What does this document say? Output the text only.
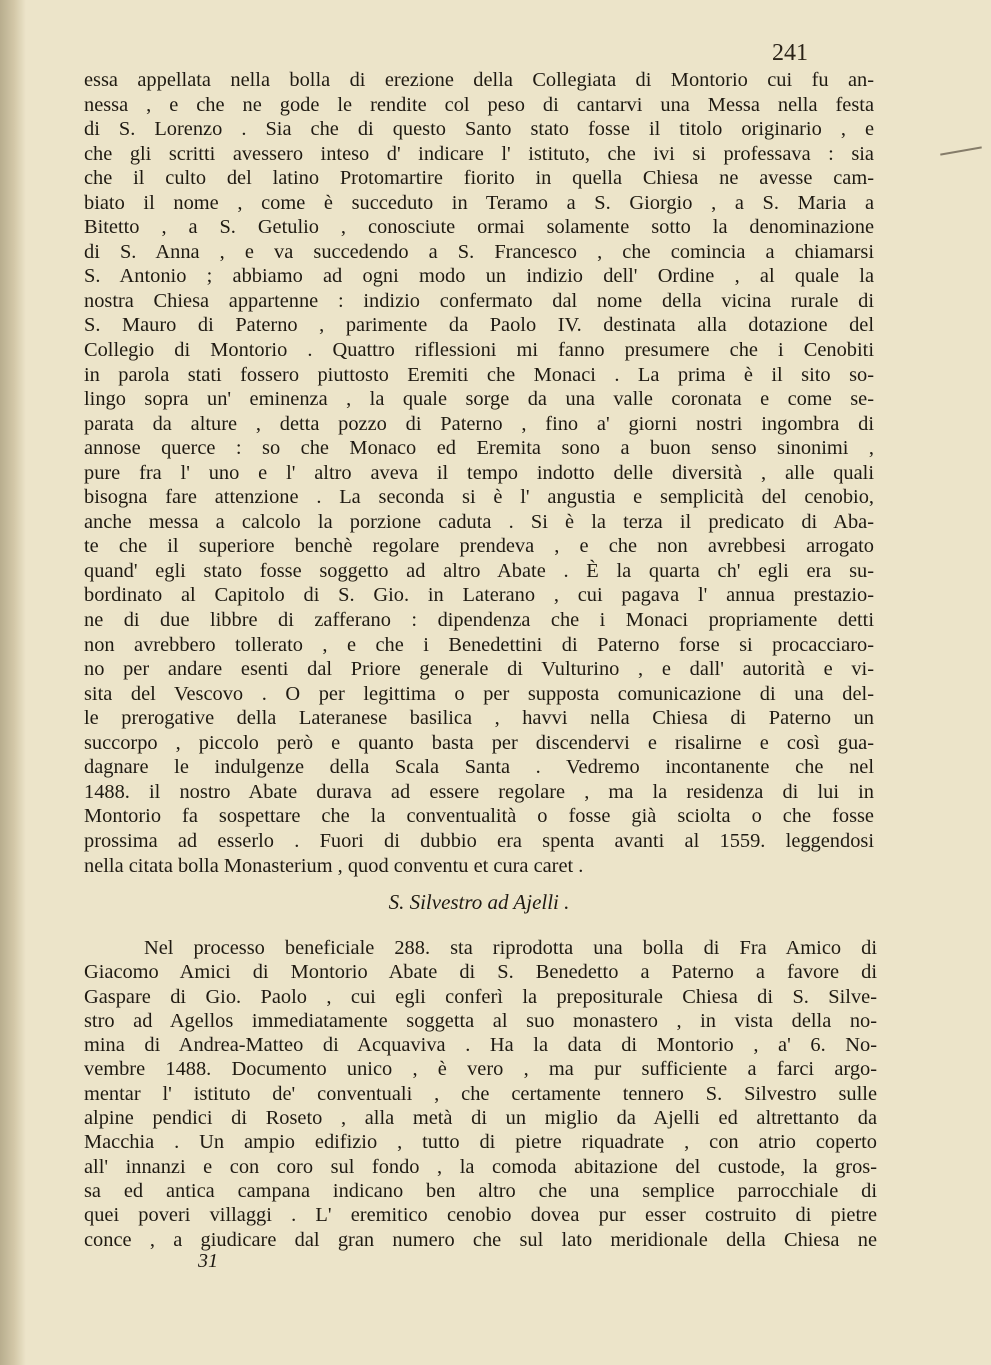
241
essa appellata nella bolla di erezione della Collegiata di Montorio cui fu an-
nessa , e che ne gode le rendite col peso di cantarvi una Messa nella festa
di S. Lorenzo . Sia che di questo Santo stato fosse il titolo originario , e
che gli scritti avessero inteso d' indicare l' istituto, che ivi si professava : sia
che il culto del latino Protomartire fiorito in quella Chiesa ne avesse cam-
biato il nome , come è succeduto in Teramo a S. Giorgio , a S. Maria a
Bitetto , a S. Getulio , conosciute ormai solamente sotto la denominazione
di S. Anna , e va succedendo a S. Francesco , che comincia a chiamarsi
S. Antonio ; abbiamo ad ogni modo un indizio dell' Ordine , al quale la
nostra Chiesa appartenne : indizio confermato dal nome della vicina rurale di
S. Mauro di Paterno , parimente da Paolo IV. destinata alla dotazione del
Collegio di Montorio . Quattro riflessioni mi fanno presumere che i Cenobiti
in parola stati fossero piuttosto Eremiti che Monaci . La prima è il sito so-
lingo sopra un' eminenza , la quale sorge da una valle coronata e come se-
parata da alture , detta pozzo di Paterno , fino a' giorni nostri ingombra di
annose querce : so che Monaco ed Eremita sono a buon senso sinonimi ,
pure fra l' uno e l' altro aveva il tempo indotto delle diversità , alle quali
bisogna fare attenzione . La seconda si è l' angustia e semplicità del cenobio,
anche messa a calcolo la porzione caduta . Si è la terza il predicato di Aba-
te che il superiore benchè regolare prendeva , e che non avrebbesi arrogato
quand' egli stato fosse soggetto ad altro Abate . È la quarta ch' egli era su-
bordinato al Capitolo di S. Gio. in Laterano , cui pagava l' annua prestazio-
ne di due libbre di zafferano : dipendenza che i Monaci propriamente detti
non avrebbero tollerato , e che i Benedettini di Paterno forse si procacciaro-
no per andare esenti dal Priore generale di Vulturino , e dall' autorità e vi-
sita del Vescovo . O per legittima o per supposta comunicazione di una del-
le prerogative della Lateranese basilica , havvi nella Chiesa di Paterno un
succorpo , piccolo però e quanto basta per discendervi e risalirne e così gua-
dagnare le indulgenze della Scala Santa . Vedremo incontanente che nel
1488. il nostro Abate durava ad essere regolare , ma la residenza di lui in
Montorio fa sospettare che la conventualità o fosse già sciolta o che fosse
prossima ad esserlo . Fuori di dubbio era spenta avanti al 1559. leggendosi
nella citata bolla Monasterium , quod conventu et cura caret .
S. Silvestro ad Ajelli .
Nel processo beneficiale 288. sta riprodotta una bolla di Fra Amico di
Giacomo Amici di Montorio Abate di S. Benedetto a Paterno a favore di
Gaspare di Gio. Paolo , cui egli conferì la prepositurale Chiesa di S. Silve-
stro ad Agellos immediatamente soggetta al suo monastero , in vista della no-
mina di Andrea-Matteo di Acquaviva . Ha la data di Montorio , a' 6. No-
vembre 1488. Documento unico , è vero , ma pur sufficiente a farci argo-
mentar l' istituto de' conventuali , che certamente tennero S. Silvestro sulle
alpine pendici di Roseto , alla metà di un miglio da Ajelli ed altrettanto da
Macchia . Un ampio edifizio , tutto di pietre riquadrate , con atrio coperto
all' innanzi e con coro sul fondo , la comoda abitazione del custode, la gros-
sa ed antica campana indicano ben altro che una semplice parrocchiale di
quei poveri villaggi . L' eremitico cenobio dovea pur esser costruito di pietre
conce , a giudicare dal gran numero che sul lato meridionale della Chiesa ne
31
